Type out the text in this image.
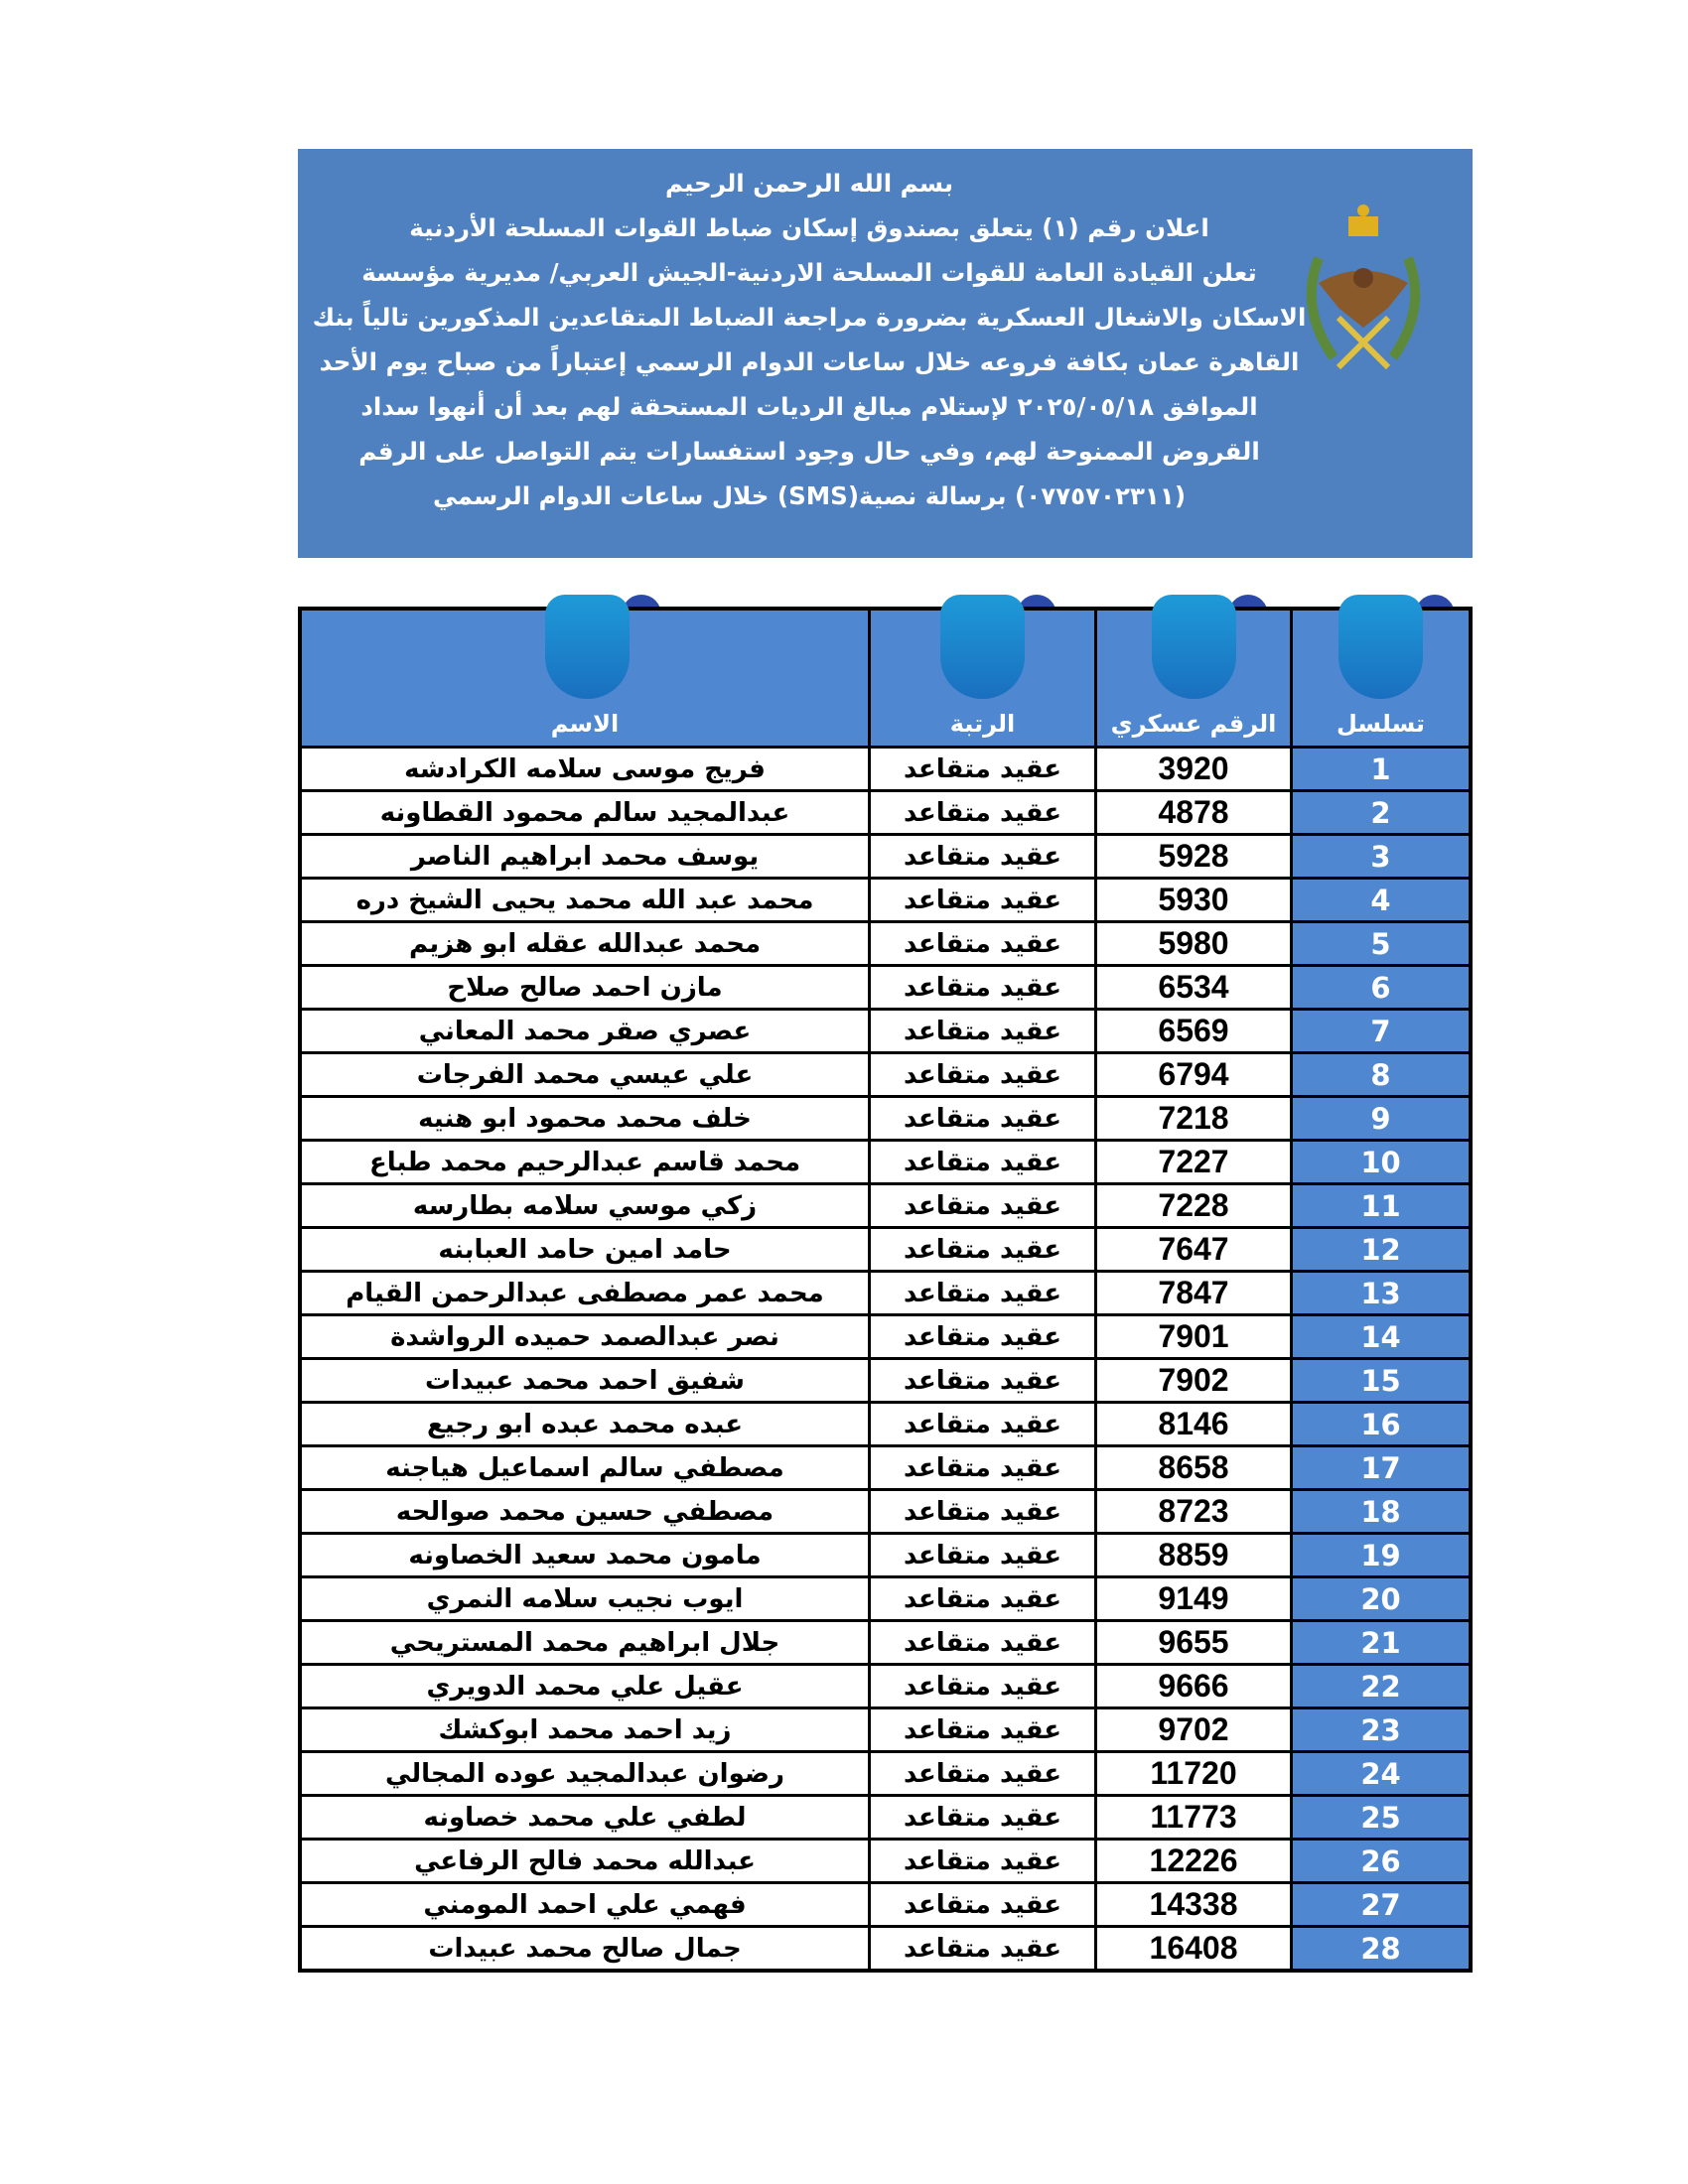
بسم الله الرحمن الرحيم
اعلان رقم (١) يتعلق بصندوق إسكان ضباط القوات المسلحة الأردنية
تعلن القيادة العامة للقوات المسلحة الاردنية-الجيش العربي/ مديرية مؤسسة
الاسكان والاشغال العسكرية بضرورة مراجعة الضباط المتقاعدين المذكورين تالياً بنك
القاهرة عمان بكافة فروعه خلال ساعات الدوام الرسمي إعتباراً من صباح يوم الأحد
الموافق ٢٠٢٥/٠٥/١٨ لإستلام مبالغ الرديات المستحقة لهم بعد أن أنهوا سداد
القروض الممنوحة لهم، وفي حال وجود استفسارات يتم التواصل على الرقم
(٠٧٧٥٧٠٢٣١١) برسالة نصية(SMS) خلال ساعات الدوام الرسمي
تسلسل
الرقم عسكري
الرتبة
الاسم
1
3920
عقيد متقاعد
فريج موسى سلامه الكرادشه
2
4878
عقيد متقاعد
عبدالمجيد سالم محمود القطاونه
3
5928
عقيد متقاعد
يوسف محمد ابراهيم الناصر
4
5930
عقيد متقاعد
محمد عبد الله محمد يحيى الشيخ دره
5
5980
عقيد متقاعد
محمد عبدالله عقله ابو هزيم
6
6534
عقيد متقاعد
مازن احمد صالح صلاح
7
6569
عقيد متقاعد
عصري صقر محمد المعاني
8
6794
عقيد متقاعد
علي عيسي محمد الفرجات
9
7218
عقيد متقاعد
خلف محمد محمود ابو هنيه
10
7227
عقيد متقاعد
محمد قاسم عبدالرحيم محمد طباع
11
7228
عقيد متقاعد
زكي موسي سلامه بطارسه
12
7647
عقيد متقاعد
حامد امين حامد العبابنه
13
7847
عقيد متقاعد
محمد عمر مصطفى عبدالرحمن القيام
14
7901
عقيد متقاعد
نصر عبدالصمد حميده الرواشدة
15
7902
عقيد متقاعد
شفيق احمد محمد عبيدات
16
8146
عقيد متقاعد
عبده محمد عبده ابو رجيع
17
8658
عقيد متقاعد
مصطفي سالم اسماعيل هياجنه
18
8723
عقيد متقاعد
مصطفي حسين محمد صوالحه
19
8859
عقيد متقاعد
مامون محمد سعيد الخصاونه
20
9149
عقيد متقاعد
ايوب نجيب سلامه النمري
21
9655
عقيد متقاعد
جلال ابراهيم محمد المستريحي
22
9666
عقيد متقاعد
عقيل علي محمد الدويري
23
9702
عقيد متقاعد
زيد احمد محمد ابوكشك
24
11720
عقيد متقاعد
رضوان عبدالمجيد عوده المجالي
25
11773
عقيد متقاعد
لطفي علي محمد خصاونه
26
12226
عقيد متقاعد
عبدالله محمد فالح الرفاعي
27
14338
عقيد متقاعد
فهمي علي احمد المومني
28
16408
عقيد متقاعد
جمال صالح محمد عبيدات
